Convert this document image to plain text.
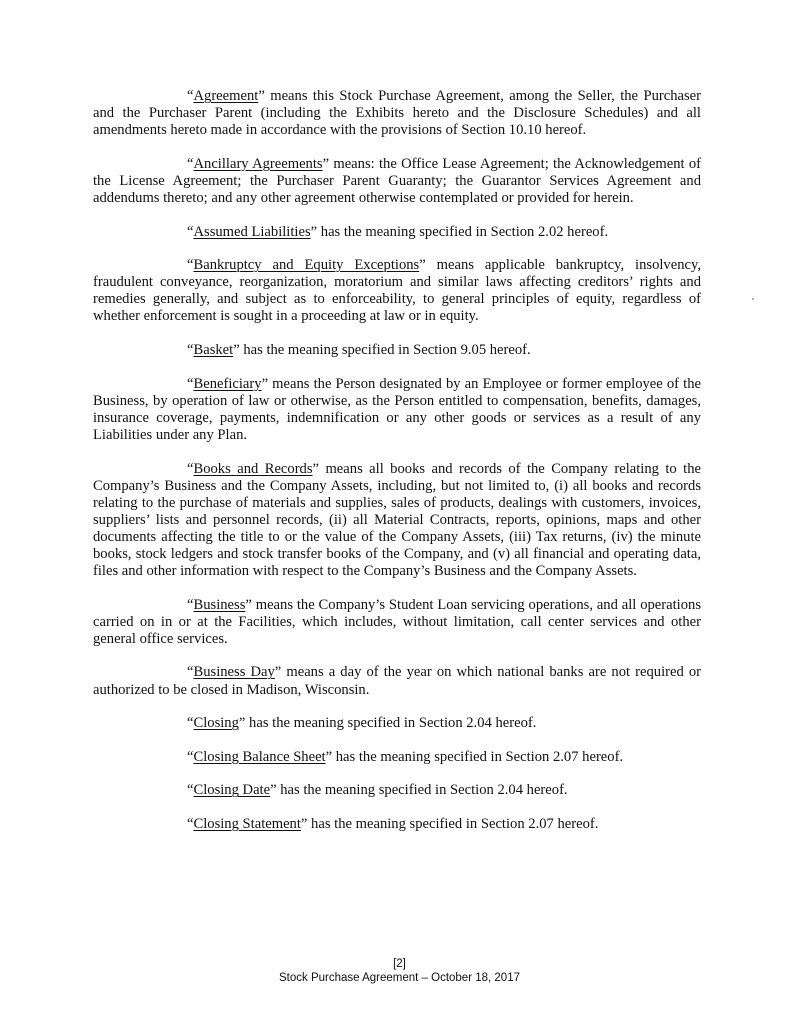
“Agreement” means this Stock Purchase Agreement, among the Seller, the Purchaser and the Purchaser Parent (including the Exhibits hereto and the Disclosure Schedules) and all amendments hereto made in accordance with the provisions of Section 10.10 hereof.

“Ancillary Agreements” means: the Office Lease Agreement; the Acknowledgement of the License Agreement; the Purchaser Parent Guaranty; the Guarantor Services Agreement and addendums thereto; and any other agreement otherwise contemplated or provided for herein.

“Assumed Liabilities” has the meaning specified in Section 2.02 hereof.

“Bankruptcy and Equity Exceptions” means applicable bankruptcy, insolvency, fraudulent conveyance, reorganization, moratorium and similar laws affecting creditors’ rights and remedies generally, and subject as to enforceability, to general principles of equity, regardless of whether enforcement is sought in a proceeding at law or in equity.

“Basket” has the meaning specified in Section 9.05 hereof.

“Beneficiary” means the Person designated by an Employee or former employee of the Business, by operation of law or otherwise, as the Person entitled to compensation, benefits, damages, insurance coverage, payments, indemnification or any other goods or services as a result of any Liabilities under any Plan.

“Books and Records” means all books and records of the Company relating to the Company’s Business and the Company Assets, including, but not limited to, (i) all books and records relating to the purchase of materials and supplies, sales of products, dealings with customers, invoices, suppliers’ lists and personnel records, (ii) all Material Contracts, reports, opinions, maps and other documents affecting the title to or the value of the Company Assets, (iii) Tax returns, (iv) the minute books, stock ledgers and stock transfer books of the Company, and (v) all financial and operating data, files and other information with respect to the Company’s Business and the Company Assets.

“Business” means the Company’s Student Loan servicing operations, and all operations carried on in or at the Facilities, which includes, without limitation, call center services and other general office services.

“Business Day” means a day of the year on which national banks are not required or authorized to be closed in Madison, Wisconsin.

“Closing” has the meaning specified in Section 2.04 hereof.

“Closing Balance Sheet” has the meaning specified in Section 2.07 hereof.

“Closing Date” has the meaning specified in Section 2.04 hereof.

“Closing Statement” has the meaning specified in Section 2.07 hereof.

[2]
Stock Purchase Agreement – October 18, 2017
